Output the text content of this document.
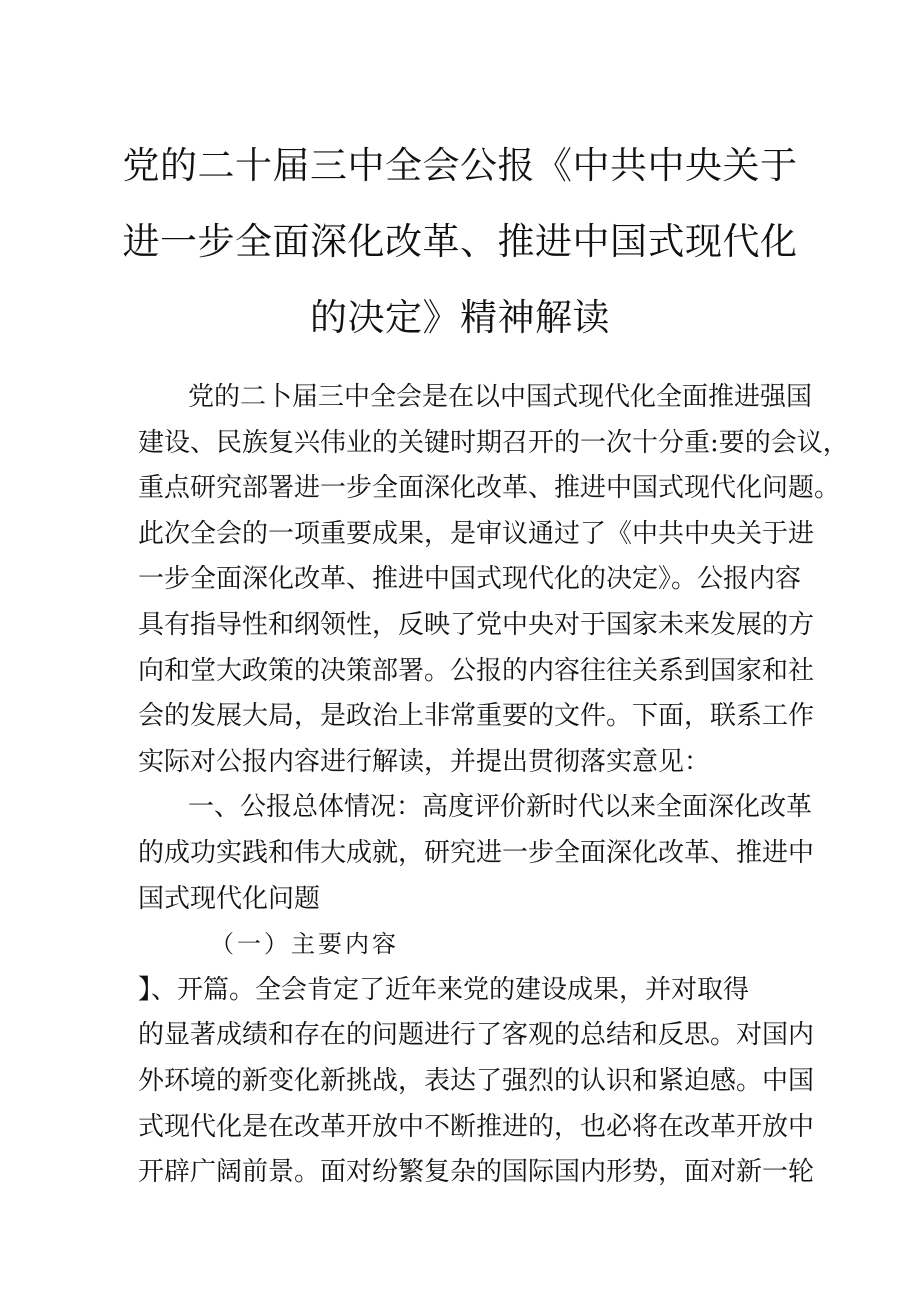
党的二十届三中全会公报《中共中央关于
进一步全面深化改革、推进中国式现代化
的决定》精神解读
党的二卜届三中全会是在以中国式现代化全面推进强国
建设、民族复兴伟业的关键时期召开的一次十分重:要的会议，
重点研究部署进一步全面深化改革、推进中国式现代化问题。
此次全会的一项重要成果，是审议通过了《中共中央关于进
一步全面深化改革、推进中国式现代化的决定》。公报内容
具有指导性和纲领性，反映了党中央对于国家未来发展的方
向和堂大政策的决策部署。公报的内容往往关系到国家和社
会的发展大局，是政治上非常重要的文件。下面，联系工作
实际对公报内容进行解读，并提出贯彻落实意见：
一、公报总体情况：高度评价新时代以来全面深化改革
的成功实践和伟大成就，研究进一步全面深化改革、推进中
国式现代化问题
（一）主要内容
】、开篇。全会肯定了近年来党的建设成果，并对取得
的显著成绩和存在的问题进行了客观的总结和反思。对国内
外环境的新变化新挑战，表达了强烈的认识和紧迫感。中国
式现代化是在改革开放中不断推进的，也必将在改革开放中
开辟广阔前景。面对纷繁复杂的国际国内形势，面对新一轮
